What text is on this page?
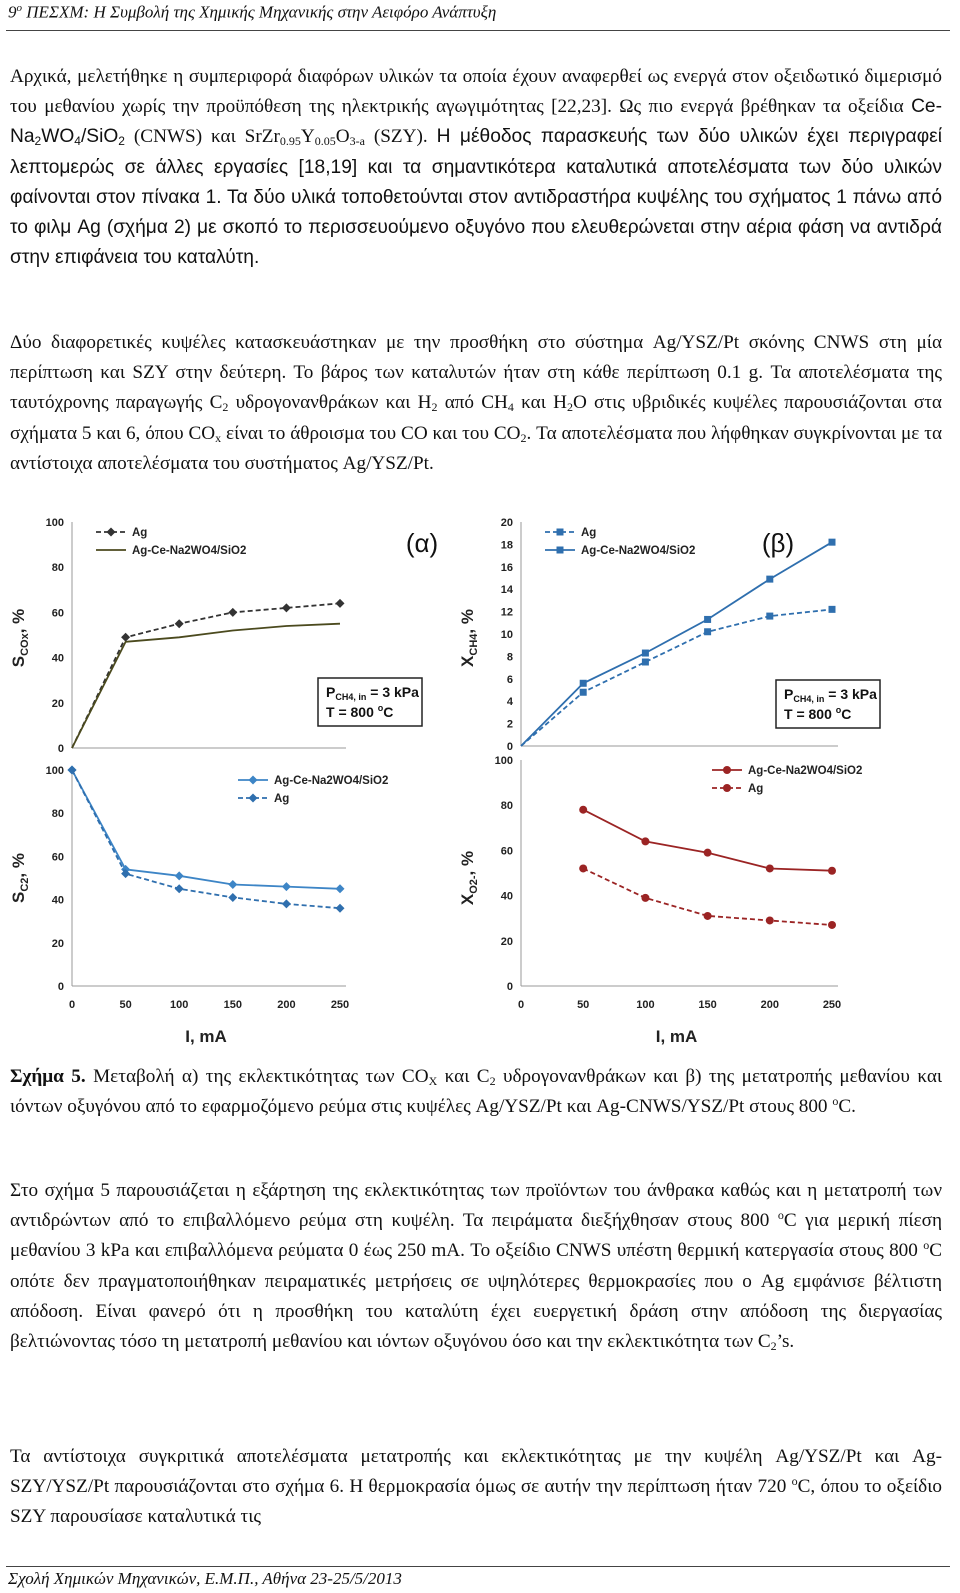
$9^o$ ΠΕΣΧΜ: Η Συμβολή της Χημικής Μηχανικής στην Αειφόρο Ανάπτυξη

Αρχικά, μελετήθηκε η συμπεριφορά διαφόρων υλικών τα οποία έχουν αναφερθεί ως ενεργά στον οξειδωτικό διμερισμό του μεθανίου χωρίς την προϋπόθεση της ηλεκτρικής αγωγιμότητας [22,23]. Ως πιο ενεργά βρέθηκαν τα οξείδια $Ce-Na_2WO_4/SiO_2$ (CNWS) και $SrZr_{0.95}Y_{0.05}O_{3-a}$ (SZY). Η μέθοδος παρασκευής των δύο υλικών έχει περιγραφεί λεπτομερώς σε άλλες εργασίες [18,19] και τα σημαντικότερα καταλυτικά αποτελέσματα των δύο υλικών φαίνονται στον πίνακα 1. Τα δύο υλικά τοποθετούνται στον αντιδραστήρα κυψέλης του σχήματος 1 πάνω από το φιλμ Ag (σχήμα 2) με σκοπό το περισσευούμενο οξυγόνο που ελευθερώνεται στην αέρια φάση να αντιδρά στην επιφάνεια του καταλύτη.

Δύο διαφορετικές κυψέλες κατασκευάστηκαν με την προσθήκη στο σύστημα Ag/YSZ/Pt σκόνης CNWS στη μία περίπτωση και SZY στην δεύτερη. Το βάρος των καταλυτών ήταν στη κάθε περίπτωση 0.1 g. Τα αποτελέσματα της ταυτόχρονης παραγωγής $C_2$ υδρογονανθράκων και $H_2$ από $CH_4$ και $H_2O$ στις υβριδικές κυψέλες παρουσιάζονται στα σχήματα 5 και 6, όπου $CO_x$ είναι το άθροισμα του CO και του $CO_2$. Τα αποτελέσματα που λήφθηκαν συγκρίνονται με τα αντίστοιχα αποτελέσματα του συστήματος Ag/YSZ/Pt.

0
20
40
60
80
100
$S_{COx}$, %
Ag
Ag-Ce-Na2WO4/SiO2	(α)
$P_{CH4, in} = 3$ kPa
T = 800 $^o$C
0
2
4
6
8
10
12
14
16
18
20
$X_{CH4}$, %
Ag
Ag-Ce-Na2WO4/SiO2	(β)
$P_{CH4, in} = 3$ kPa
T = 800 $^o$C
0
20
40
60
80
100
0	50	100	150	200	250
I, mA
$S_{C2}$, %
Ag-Ce-Na2WO4/SiO2
Ag
0
20
40
60
80
100
0	50	100	150	200	250
I, mA
$X_{O2-}$, %
Ag-Ce-Na2WO4/SiO2
Ag

Σχήμα 5. Μεταβολή α) της εκλεκτικότητας των $CO_X$ και $C_2$ υδρογονανθράκων και β) της μετατροπής μεθανίου και ιόντων οξυγόνου από το εφαρμοζόμενο ρεύμα στις κυψέλες Ag/YSZ/Pt και Ag-CNWS/YSZ/Pt στους 800 $^o$C.

Στο σχήμα 5 παρουσιάζεται η εξάρτηση της εκλεκτικότητας των προϊόντων του άνθρακα καθώς και η μετατροπή των αντιδρώντων από το επιβαλλόμενο ρεύμα στη κυψέλη. Τα πειράματα διεξήχθησαν στους 800 $^o$C για μερική πίεση μεθανίου 3 kPa και επιβαλλόμενα ρεύματα 0 έως 250 mA. Το οξείδιο CNWS υπέστη θερμική κατεργασία στους 800 $^o$C οπότε δεν πραγματοποιήθηκαν πειραματικές μετρήσεις σε υψηλότερες θερμοκρασίες που ο Ag εμφάνισε βέλτιστη απόδοση. Είναι φανερό ότι η προσθήκη του καταλύτη έχει ευεργετική δράση στην απόδοση της διεργασίας βελτιώνοντας τόσο τη μετατροπή μεθανίου και ιόντων οξυγόνου όσο και την εκλεκτικότητα των $C_2’s$.

Τα αντίστοιχα συγκριτικά αποτελέσματα μετατροπής και εκλεκτικότητας με την κυψέλη Ag/YSZ/Pt και Ag-SZY/YSZ/Pt παρουσιάζονται στο σχήμα 6. Η θερμοκρασία όμως σε αυτήν την περίπτωση ήταν 720 $^o$C, όπου το οξείδιο SZY παρουσίασε καταλυτικά τις

Σχολή Χημικών Μηχανικών, Ε.Μ.Π., Αθήνα 23-25/5/2013
